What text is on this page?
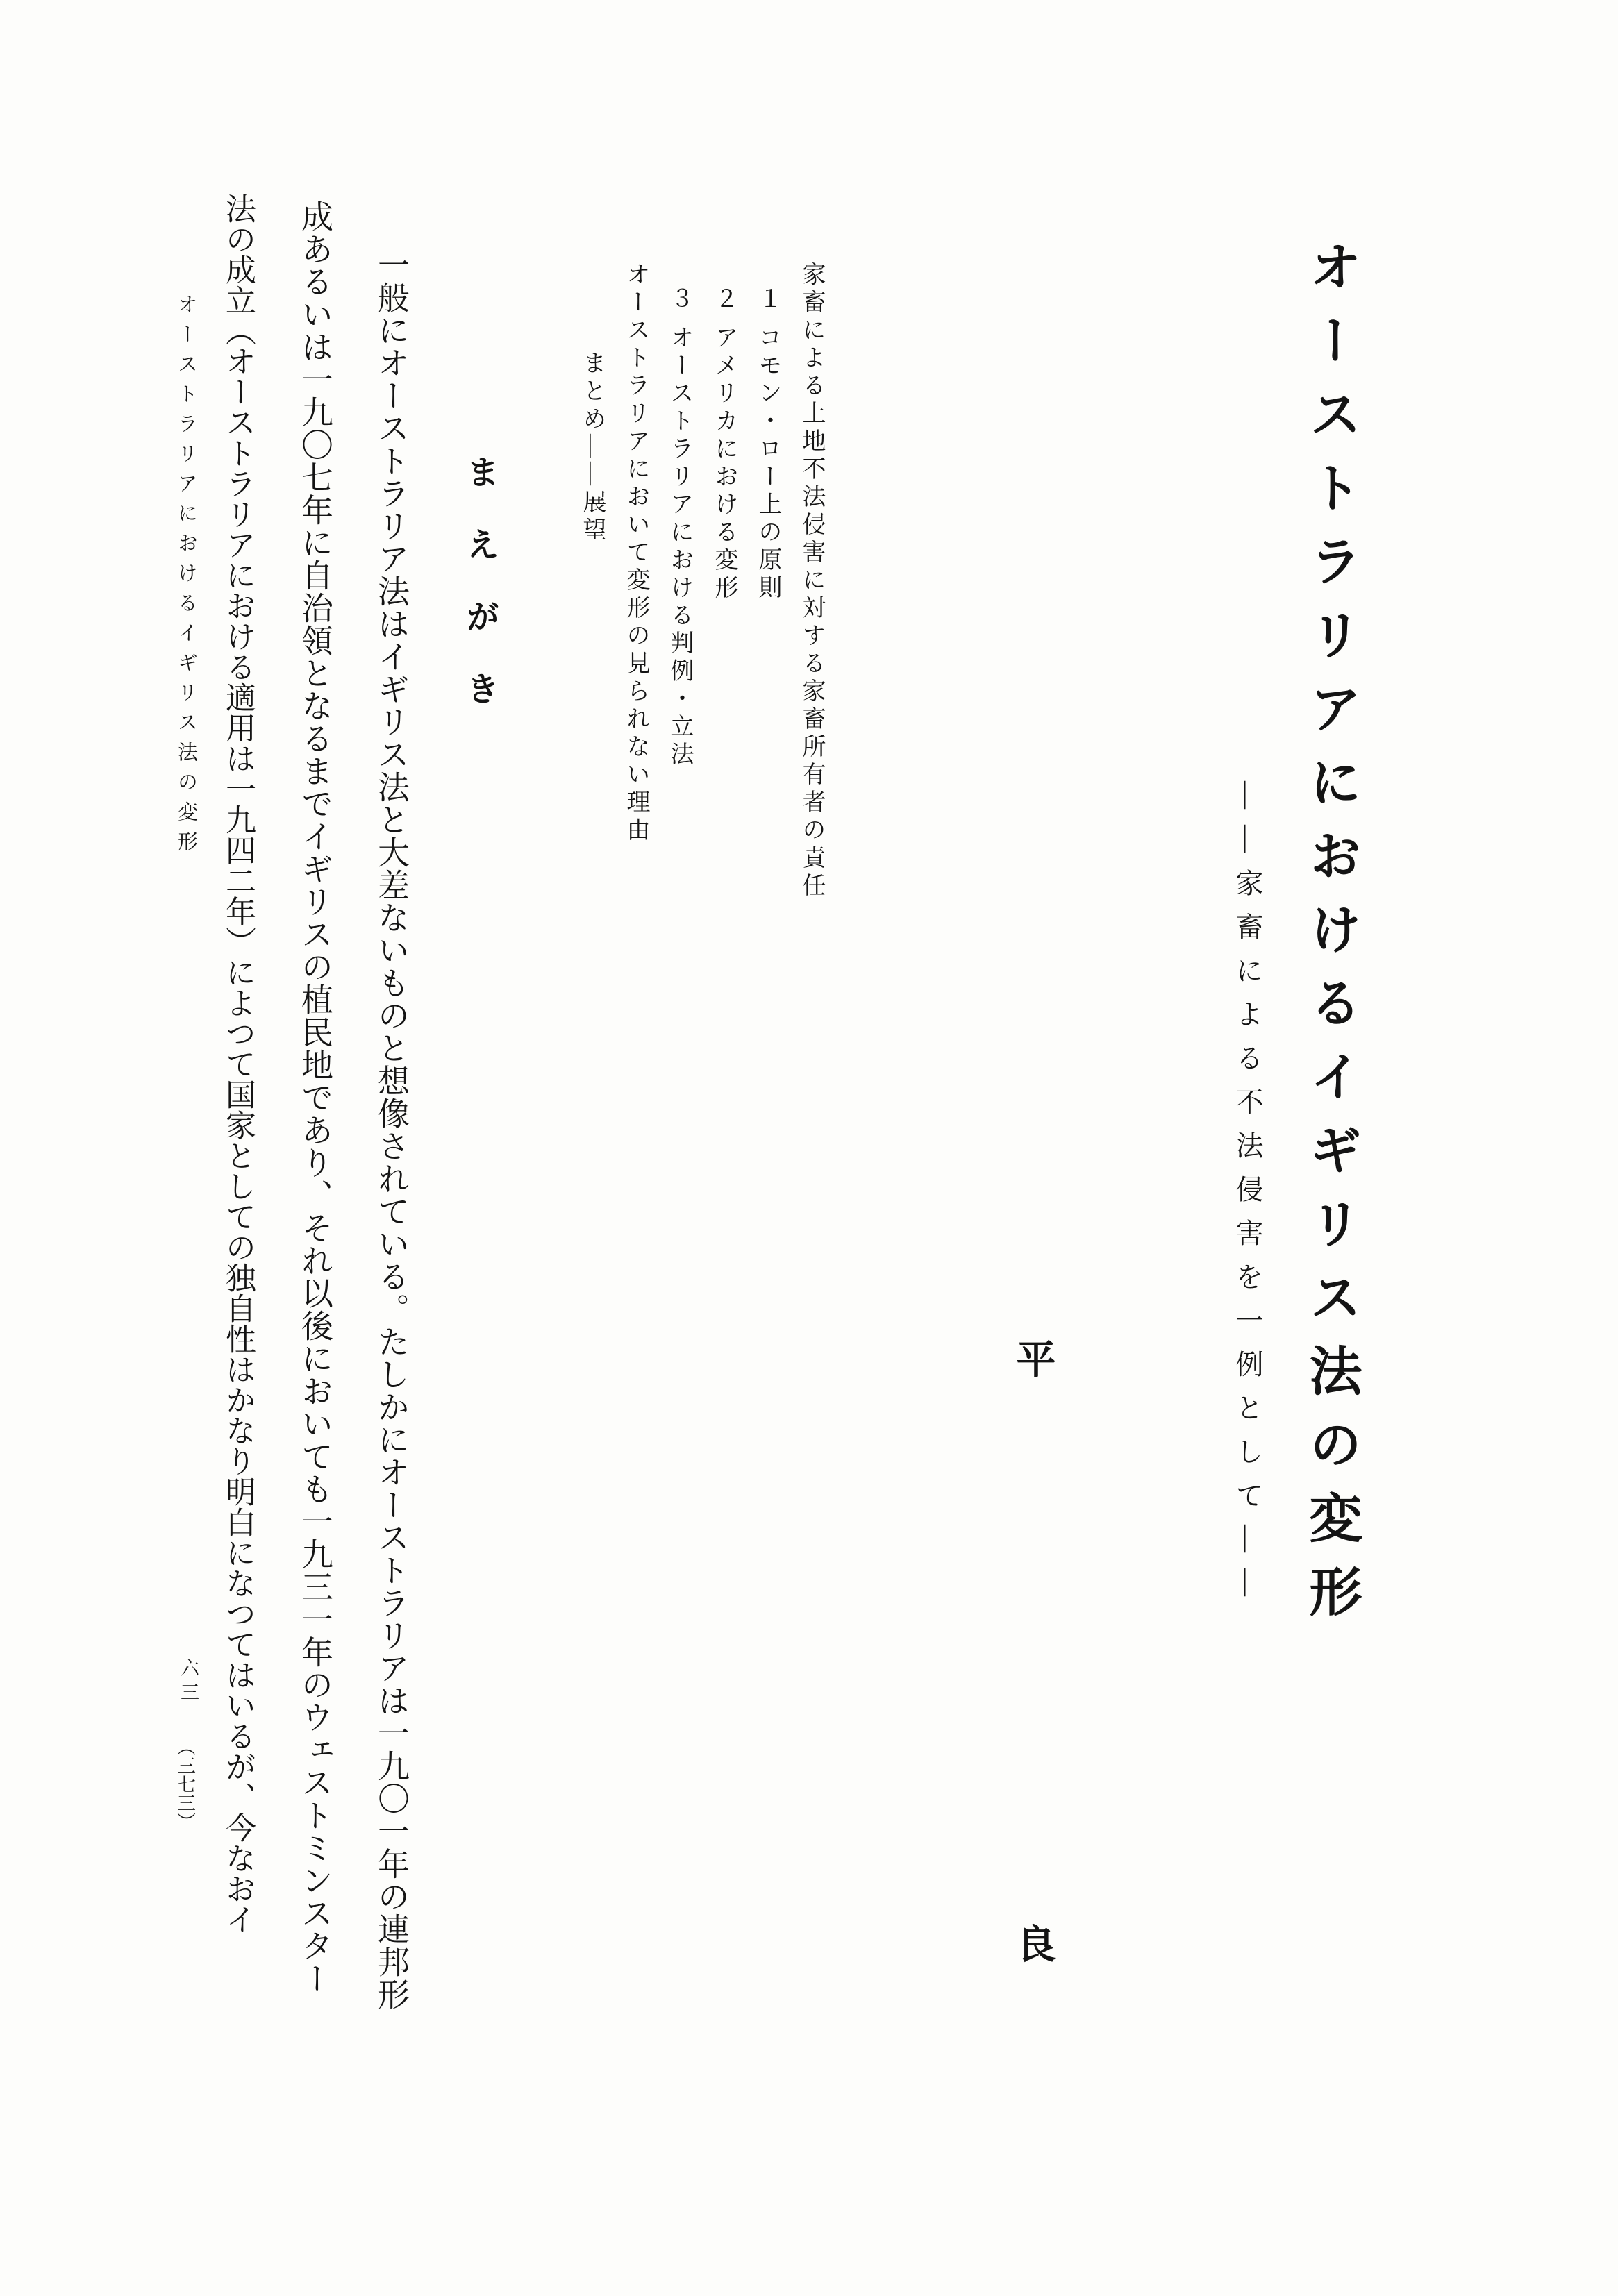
オーストラリアにおけるイギリス法の変形
――家畜による不法侵害を一例として――
平
良
家畜による土地不法侵害に対する家畜所有者の責任
１コモン・ロー上の原則
２アメリカにおける変形
３オーストラリアにおける判例・立法
オーストラリアにおいて変形の見られない理由
まとめ――展望
まえがき
一般にオーストラリア法はイギリス法と大差ないものと想像されている。たしかにオーストラリアは一九〇一年の連邦形
成あるいは一九〇七年に自治領となるまでイギリスの植民地であり、それ以後においても一九三一年のウェストミンスター
法の成立（オーストラリアにおける適用は一九四二年）によつて国家としての独自性はかなり明白になつてはいるが、今なおイ
オーストラリアにおけるイギリス法の変形
六三
（三七三）
